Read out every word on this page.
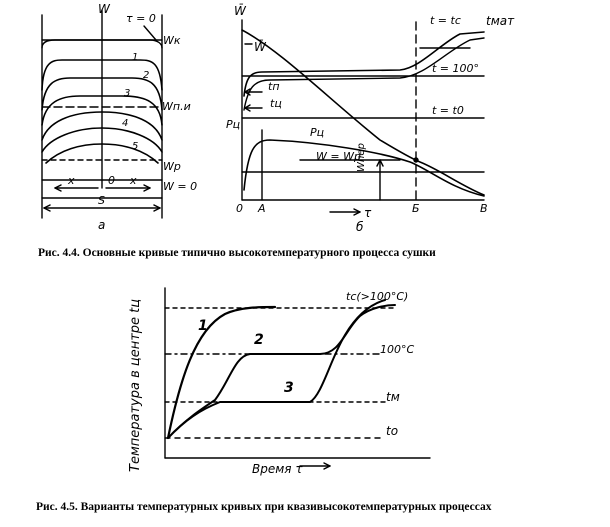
W
τ = 0
Wк
Wп.и
Wр
W = 0
1
2
3
4
5
x	0 x
S
а
W̄
W̄
tмат
t = tс
t = 100°
t = t0
tп
tц
Pц
Pц
W = Wр
Wпер
0 А	τ	Б	В
б
Рис. 4.4. Основные кривые типично высокотемпературного процесса сушки
Температура в центре tц	Время τ
1
2
3
tс(>100°С)
100°С
tм
tо
Рис. 4.5. Варианты температурных кривых при квазивысокотемпературных процессах
